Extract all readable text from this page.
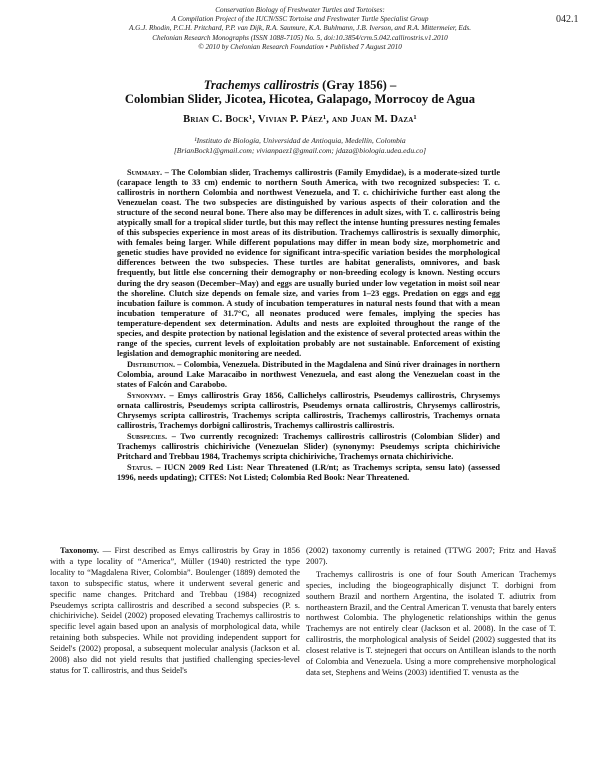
Conservation Biology of Freshwater Turtles and Tortoises:
A Compilation Project of the IUCN/SSC Tortoise and Freshwater Turtle Specialist Group
A.G.J. Rhodin, P.C.H. Pritchard, P.P. van Dijk, R.A. Saumure, K.A. Buhlmann, J.B. Iverson, and R.A. Mittermeier, Eds.
Chelonian Research Monographs (ISSN 1088-7105) No. 5, doi:10.3854/crm.5.042.callirostris.v1.2010
© 2010 by Chelonian Research Foundation • Published 7 August 2010
042.1
Trachemys callirostris (Gray 1856) –
Colombian Slider, Jicotea, Hicotea, Galapago, Morrocoy de Agua
Brian C. Bock¹, Vivian P. Páez¹, and Juan M. Daza¹
¹Instituto de Biología, Universidad de Antioquia, Medellín, Colombia
[BrianBock1@gmail.com; vivianpaez1@gmail.com; jdaza@biologia.udea.edu.co]

Summary. – The Colombian slider, Trachemys callirostris (Family Emydidae), is a moderate-sized turtle (carapace length to 33 cm) endemic to northern South America, with two recognized subspecies: T. c. callirostris in northern Colombia and northwest Venezuela, and T. c. chichiriviche further east along the Venezuelan coast. The two subspecies are distinguished by various aspects of their coloration and the structure of the second neural bone. There also may be differences in adult sizes, with T. c. callirostris being atypically small for a tropical slider turtle, but this may reflect the intense hunting pressures nesting females of this subspecies experience in most areas of its distribution. Trachemys callirostris is sexually dimorphic, with females being larger. While different populations may differ in mean body size, morphometric and genetic studies have provided no evidence for significant intra-specific variation besides the morphological differences between the two subspecies. These turtles are habitat generalists, omnivores, and bask frequently, but little else concerning their demography or non-breeding ecology is known. Nesting occurs during the dry season (December–May) and eggs are usually buried under low vegetation in moist soil near the shoreline. Clutch size depends on female size, and varies from 1–23 eggs. Predation on eggs and egg incubation failure is common. A study of incubation temperatures in natural nests found that with a mean incubation temperature of 31.7°C, all neonates produced were females, implying the species has temperature-dependent sex determination. Adults and nests are exploited throughout the range of the species, and despite protection by national legislation and the existence of several protected areas within the range of the species, current levels of exploitation probably are not sustainable. Enforcement of existing legislation and demographic monitoring are needed.

Distribution. – Colombia, Venezuela. Distributed in the Magdalena and Sinú river drainages in northern Colombia, around Lake Maracaibo in northwest Venezuela, and east along the Venezuelan coast in the states of Falcón and Carabobo.

Synonymy. – Emys callirostris Gray 1856, Callichelys callirostris, Pseudemys callirostris, Chrysemys ornata callirostris, Pseudemys scripta callirostris, Pseudemys ornata callirostris, Chrysemys callirostris, Chrysemys scripta callirostris, Trachemys scripta callirostris, Trachemys callirostris, Trachemys ornata callirostris, Trachemys dorbigni callirostris, Trachemys callirostris callirostris.

Subspecies. – Two currently recognized: Trachemys callirostris callirostris (Colombian Slider) and Trachemys callirostris chichiriviche (Venezuelan Slider) (synonymy: Pseudemys scripta chichiriviche Pritchard and Trebbau 1984, Trachemys scripta chichiriviche, Trachemys ornata chichiriviche.

Status. – IUCN 2009 Red List: Near Threatened (LR/nt; as Trachemys scripta, sensu lato) (assessed 1996, needs updating); CITES: Not Listed; Colombia Red Book: Near Threatened.

Taxonomy. — First described as Emys callirostris by Gray in 1856 with a type locality of “America”, Müller (1940) restricted the type locality to “Magdalena River, Colombia”. Boulenger (1889) demoted the taxon to subspecific status, where it underwent several generic and specific name changes. Pritchard and Trebbau (1984) recognized Pseudemys scripta callirostris and described a second subspecies (P. s. chichiriviche). Seidel (2002) proposed elevating Trachemys callirostris to specific level again based upon an analysis of morphological data, while retaining both subspecies. While not providing independent support for Seidel's (2002) proposal, a subsequent molecular analysis (Jackson et al. 2008) also did not yield results that justified challenging species-level status for T. callirostris, and thus Seidel's

(2002) taxonomy currently is retained (TTWG 2007; Fritz and Havaš 2007).

Trachemys callirostris is one of four South American Trachemys species, including the biogeographically disjunct T. dorbigni from southern Brazil and northern Argentina, the isolated T. adiutrix from northeastern Brazil, and the Central American T. venusta that barely enters northwest Colombia. The phylogenetic relationships within the genus Trachemys are not entirely clear (Jackson et al. 2008). In the case of T. callirostris, the morphological analysis of Seidel (2002) suggested that its closest relative is T. stejnegeri that occurs on Antillean islands to the north of Colombia and Venezuela. Using a more comprehensive morphological data set, Stephens and Weins (2003) identified T. venusta as the
